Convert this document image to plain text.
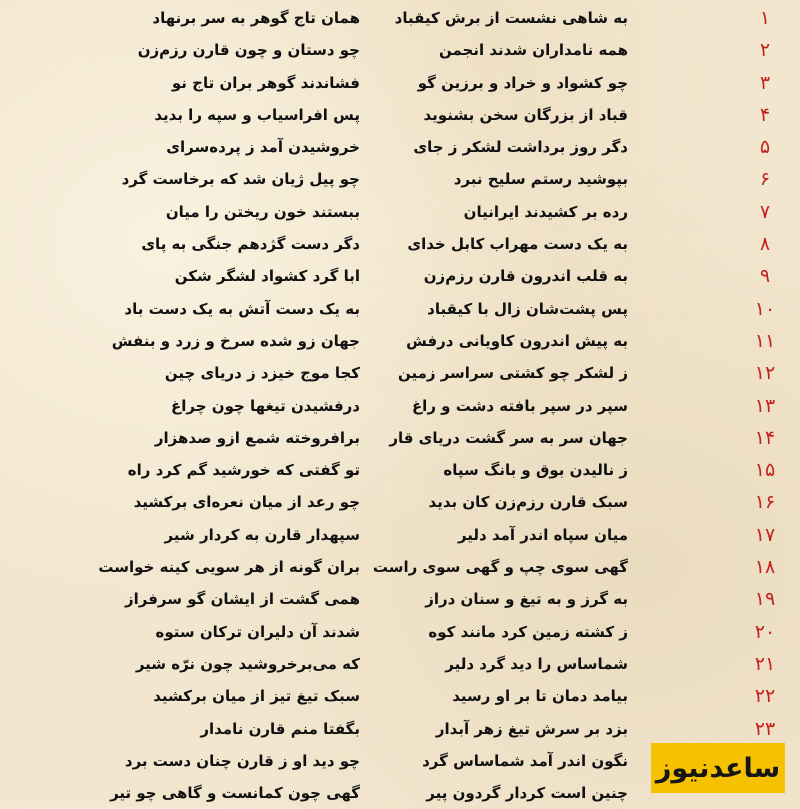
۱
به شاهی نشست از برش کیقباد
همان تاج گوهر به سر برنهاد
۲
همه نامداران شدند انجمن
چو دستان و چون قارن رزم‌زن
۳
چو کشواد و خراد و برزین گو
فشاندند گوهر بران تاج نو
۴
قباد از بزرگان سخن بشنوید
پس افراسیاب و سپه را بدید
۵
دگر روز برداشت لشکر ز جای
خروشیدن آمد ز پرده‌سرای
۶
بپوشید رستم سلیح نبرد
چو پیل ژیان شد که برخاست گرد
۷
رده بر کشیدند ایرانیان
ببستند خون ریختن را میان
۸
به یک دست مهراب کابل خدای
دگر دست گژدهم جنگی به پای
۹
به قلب اندرون قارن رزم‌زن
ابا گرد کشواد لشگر شکن
۱۰
پس پشت‌شان زال با کیقباد
به یک دست آتش به یک دست باد
۱۱
به پیش اندرون کاویانی درفش
جهان زو شده سرخ و زرد و بنفش
۱۲
ز لشکر چو کشتی سراسر زمین
کجا موج خیزد ز دریای چین
۱۳
سپر در سپر بافته دشت و راغ
درفشیدن تیغها چون چراغ
۱۴
جهان سر به سر گشت دریای قار
برافروخته شمع ازو صدهزار
۱۵
ز نالیدن بوق و بانگ سپاه
تو گفتی که خورشید گم کرد راه
۱۶
سبک قارن رزم‌زن کان بدید
چو رعد از میان نعره‌ای برکشید
۱۷
میان سپاه اندر آمد دلیر
سپهدار قارن به کردار شیر
۱۸
گهی سوی چپ و گهی سوی راست
بران گونه از هر سویی کینه خواست
۱۹
به گرز و به تیغ و سنان دراز
همی گشت از ایشان گو سرفراز
۲۰
ز کشته زمین کرد مانند کوه
شدند آن دلیران ترکان ستوه
۲۱
شماساس را دید گرد دلیر
که می‌برخروشید چون نرّه شیر
۲۲
بیامد دمان تا بر او رسید
سبک تیغ تیز از میان برکشید
۲۳
بزد بر سرش تیغ زهر آبدار
بگفتا منم قارن نامدار
نگون اندر آمد شماساس گرد
چو دید او ز قارن چنان دست برد
چنین است کردار گردون پیر
گهی چون کمانست و گاهی چو تیر
ساعدنیوز
